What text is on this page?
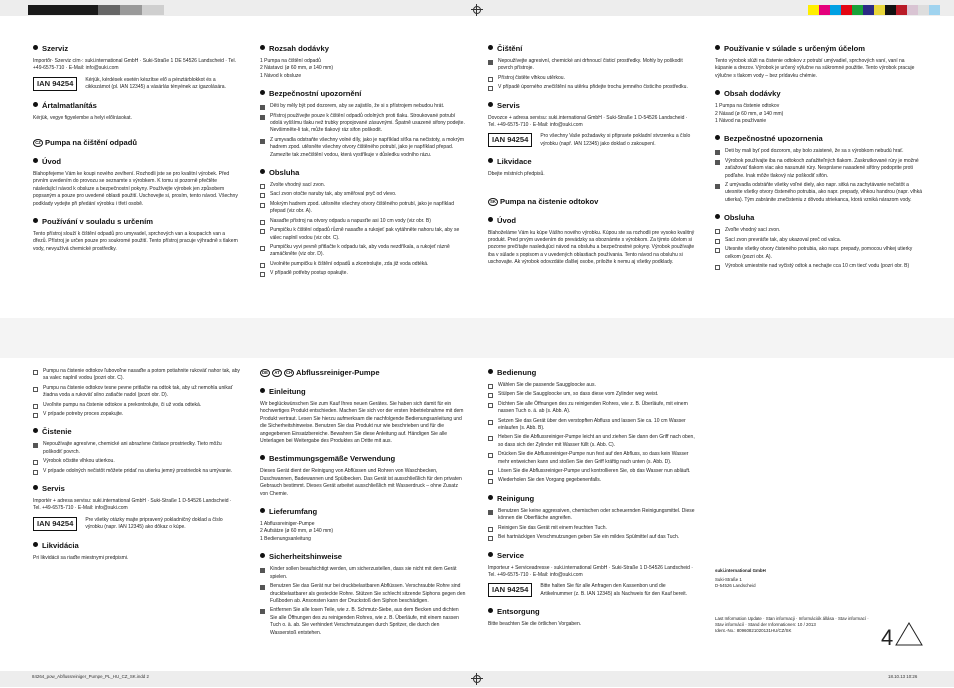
Szerviz

Importőr· Szerviz cím·: suki.international GmbH · Suki-Straße 1 DE 54526 Landscheid · Tel. +49-6575-710 · E-Mail: info@suki.com

IAN 94254	Kérjük, kérdések esetén készítse elő a pénztárblokkot és a cikkszámot (pl. IAN 12345) a vásárlás tényének az igazolására.
Ártalmatlanítás

Kérjük, vegye figyelembe a helyi előírásokat.

CZ Pumpa na čištění odpadů
Úvod

Blahopřejeme Vám ke koupi nového zevlhení. Rozhodli jste se pro kvalitní výrobek. Před prvním uvedením do provozu se seznamte s výrobkem. K tomu si pozorně přečtěte následující návod k obsluze a bezpečnostní pokyny. Používejte výrobek jen způsobem popsaným a pouze pro uvedené oblasti použití. Uschovejte si, prosím, tento návod. Všechny podklady vydejte při předání výrobku i třetí osobě.

Používání v souladu s určením

Tento přístroj slouží k čištění odpadů pro umyvadel, sprchových van a koupacích van a dřezů. Přístroj je určen pouze pro soukromé použití. Tento přístroj pracuje výhradně s tlakem vody, nevyužívá chemické prostředky.

Rozsah dodávky

1 Pumpa na čištění odpadů
2 Nástavci (ø 60 mm, ø 140 mm)
1 Návod k obsluze

Bezpečnostní upozornění
Děti by měly být pod dozorem, aby se zajistilo, že si s přístrojem nebudou hrát.
Přístroj používejte pouze k čištění odpadů odolných proti tlaku. Stroukované potrubí odolá vyššímu tlaku než trubky propojované zásuvnými. Špatně usazené sifony podejte. Nevšimněte-li tak, může tlakový ráz sifon poškodit.
Z umyvadla odstraňte všechny volné díly, jako je například síťka na nečistoty, a mokrým hadrem zpod. utěsněte všechny otvory čištěného potrubí, jako je například přepad. Zamezíte tak znečištění vodou, která vystříkuje v důsledku vodního rázu.
Obsluha
Zvolte vhodný sací zvon.
Sací zvon otočte naruby tak, aby směřoval pryč od vlevo.
Mokrým hadrem zpod. utěsněte všechny otvory čištěného potrubí, jako je například přepad (viz obr. A).
Nasaďte přístroj na otvory odpadu a napusťte asi 10 cm vody (viz obr. B)
Pumpičku k čištění odpadů různě nasaďte a rukojeť pak vytáhněte nahoru tak, aby se válec naplnil vodou (viz obr. C).
Pumpičku vyvi pevně přitlačte k odpadu tak, aby voda nezdříkala, a rukojeť rázně zamáčkněte (viz obr. D).
Uvolněte pumpičku k čištění odpadů a zkontrolujte, zda již voda odtéká.
V případě potřeby postup opakujte.
Čištění
Nepoužívejte agresivní, chemické ani drhnoucí čisticí prostředky. Mohly by poškodit povrch přístroje.
Přístroj čistěte vlhkou utěrkou.
V případě úporného znečištění na utěrku přidejte trochu jemného čisticího prostředku.
Servis

Dovozce + adresa servisu: suki.international GmbH · Suki-Straße 1 D-54526 Landscheid · Tel. +49-6575-710 · E-Mail: info@suki.com

IAN 94254	Pro všechny Vaše požadavky si připravte pokladní stvrzenku a číslo výrobku (např. IAN 12345) jako doklad o zakoupení.
Likvidace

Dbejte místních předpisů.

SK Pumpa na čistenie odtokov
Úvod

Blahoželáme Vám ku kúpe Vášho nového výrobku. Kúpou ste sa rozhodli pre vysoko kvalitný produkt. Pred prvým uvedením do prevádzky sa oboznámte s výrobkom. Za týmto účelom si pozorne prečítajte nasledujúci návod na obsluhu a bezpečnostné pokyny. Výrobok používajte iba v súlade s popisom a v uvedených oblastiach používania. Tento návod na obsluhu si uschovajte. Ak výrobok odovzdáte ďalšej osobe, priložte k nemu aj všetky podklady.

Používanie v súlade s určeným účelom

Tento výrobok slúži na čistenie odtokov z potrubí umývadiel, sprchových vaní, vaní na kúpanie a drezov. Výrobok je určený výlučne na súkromné použitie. Tento výrobok pracuje výlučne s tlakom vody – bez prídavku chémie.

Obsah dodávky

1 Pumpa na čistenie odtokov
2 Násad (ø 60 mm, ø 140 mm)
1 Návod na používanie

Bezpečnostné upozornenia
Deti by mali byť pod dozorom, aby bolo zaistené, že sa s výrobkom nebudú hrať.
Výrobok používajte iba na odtokoch zaťažiteľných tlakom. Zaskrutkované rúry je možné zaťažovať tlakom viac ako nasunuté rúry. Nesprávne nasadené sifóny podoprite proti podľahe. Inak môže tlakový ráz poškodiť sifón.
Z umývadla odstráňte všetky voľné diely, ako napr. sitká na zachytávanie nečistôt a utesnite všetky otvory čisteného potrubia, ako napr. prepady, vlhkou handrou (napr. vlhká utierka). Tým zabránite znečisteniu z dôvodu striekanca, ktorá vzniká nárazom vody.
Obsluha
Zvoľte vhodný sací zvon.
Sací zvon prevráťte tak, aby ukazoval preč od valca.
Utesnite všetky otvory čisteného potrubia, ako napr. prepady, pomocou vlhkej utierky celkom (pozri obr. A).
Výrobok umiestnite nad vyčistý odtok a nechajte cca 10 cm tiecť vodu (pozri obr. B)
Pumpu na čistenie odtokov ľubovoľne nasaďte a potom potiahnite rukoväť nahor tak, aby sa valec naplnil vodou (pozri obr. C).
Pumpu na čistenie odtokov tesne pevne pritlačte na odtok tak, aby už nemohla unikať žiadna voda a rukoväť silno zatlačte nadol (pozri obr. D).
Uvoľnite pumpu na čistenie odtokov a prekontrolujte, či už voda odteká.
V prípade potreby proces zopakujte.
Čistenie
Nepoužívajte agresívne, chemické ani abrazívne čistiace prostriedky. Tieto môžu poškodiť povrch.
Výrobok očistite vlhkou utierkou.
V prípade odolných nečistôt môžete pridať na utierku jemný prostriedok na umývanie.
Servis

Importér + adresa servisu: suki.international GmbH · Suki-Straße 1 D-54526 Landscheid · Tel. +49-6575-710 · E-Mail: info@suki.com

IAN 94254	Pre všetky otázky majte pripravený pokladničný doklad a číslo výrobku (napr. IAN 12345) ako dôkaz o kúpe.
Likvidácia

Pri likvidácii sa riaďte miestnymi predpismi.

DE AT CH Abflussreiniger-Pumpe
Einleitung

Wir beglückwünschen Sie zum Kauf Ihres neuen Gerätes. Sie haben sich damit für ein hochwertiges Produkt entschieden. Machen Sie sich vor der ersten Inbetriebnahme mit dem Produkt vertraut. Lesen Sie hierzu aufmerksam die nachfolgende Bedienungsanleitung und die Sicherheitshinweise. Benutzen Sie das Produkt nur wie beschrieben und für die angegebenen Einsatzbereiche. Bewahren Sie diese Anleitung auf. Händigen Sie alle Unterlagen bei Weitergabe des Produktes an Dritte mit aus.

Bestimmungsgemäße Verwendung

Dieses Gerät dient der Reinigung von Abflüssen und Rohren von Waschbecken, Duschwannen, Badewannen und Spülbecken. Das Gerät ist ausschließlich für den privaten Gebrauch bestimmt. Dieses Gerät arbeitet ausschließlich mit Wasserdruck – ohne Zusatz von Chemie.

Lieferumfang

1 Abflussreiniger-Pumpe
2 Aufsätze (ø 60 mm, ø 140 mm)
1 Bedienungsanleitung

Sicherheitshinweise
Kinder sollen beaufsichtigt werden, um sicherzustellen, dass sie nicht mit dem Gerät spielen.
Benutzen Sie das Gerät nur bei druckbelastbaren Abflüssen. Verschraubte Rohre sind druckbelastbarer als gesteckte Rohre. Stützen Sie schlecht sitzende Siphons gegen den Fußboden ab. Ansonsten kann der Druckstoß den Siphon beschädigen.
Entfernen Sie alle losen Teile, wie z. B. Schmutz-Siebe, aus dem Becken und dichten Sie alle Öffnungen des zu reinigenden Rohres, wie z. B. Überläufe, mit einem nassen Tuch o. ä. ab. Sie verhindert Verschmutzungen durch Spritzer, die durch den Wasserstoß entstehen.
Bedienung
Wählen Sie die passende Sauggloocke aus.
Stülpen Sie die Sauggloocke um, so dass diese vom Zylinder weg weist.
Dichten Sie alle Öffnungen des zu reinigenden Rohres, wie z. B. Überläufe, mit einem nassen Tuch o. ä. ab (s. Abb. A).
Setzen Sie das Gerät über den verstopften Abfluss und lassen Sie ca. 10 cm Wasser einlaufen (s. Abb. B).
Heben Sie die Abflussreiniger-Pumpe leicht an und ziehen Sie dann den Griff nach oben, so dass sich der Zylinder mit Wasser füllt (s. Abb. C).
Drücken Sie die Abflussreiniger-Pumpe nun fest auf den Abfluss, so dass kein Wasser mehr entweichen kann und stoßen Sie den Griff kräftig nach unten (s. Abb. D).
Lösen Sie die Abflussreiniger-Pumpe und kontrollieren Sie, ob das Wasser nun abläuft.
Wiederholen Sie den Vorgang gegebenenfalls.
Reinigung
Benutzen Sie keine aggressiven, chemischen oder scheuernden Reinigungsmittel. Diese können die Oberfläche angreifen.
Reinigen Sie das Gerät mit einem feuchten Tuch.
Bei hartnäckigen Verschmutzungen geben Sie ein mildes Spülmittel auf das Tuch.
Service

Importeur + Serviceadresse · suki.international GmbH · Suki-Straße 1 D-54526 Landscheid · Tel. +49-6575-710 · E-Mail: info@suki.com

IAN 94254	Bitte halten Sie für alle Anfragen den Kassenbon und die Artikelnummer (z. B. IAN 12345) als Nachweis für den Kauf bereit.
Entsorgung

Bitte beachten Sie die örtlichen Vorgaben.

suki.international GmbH

Suki-Straße 1
D-54526 Landscheid

Last Information Update · Stan informacji · Információk állása · Stav informací · Stav informácií · Stand der Informationen: 10 / 2013
Ident.-No.: 80960821020131HU/CZ/SK	4
84264_pow_Abflussreiniger_Pumpe_PL_HU_CZ_SK.indd 2	18.10.13 10:26
